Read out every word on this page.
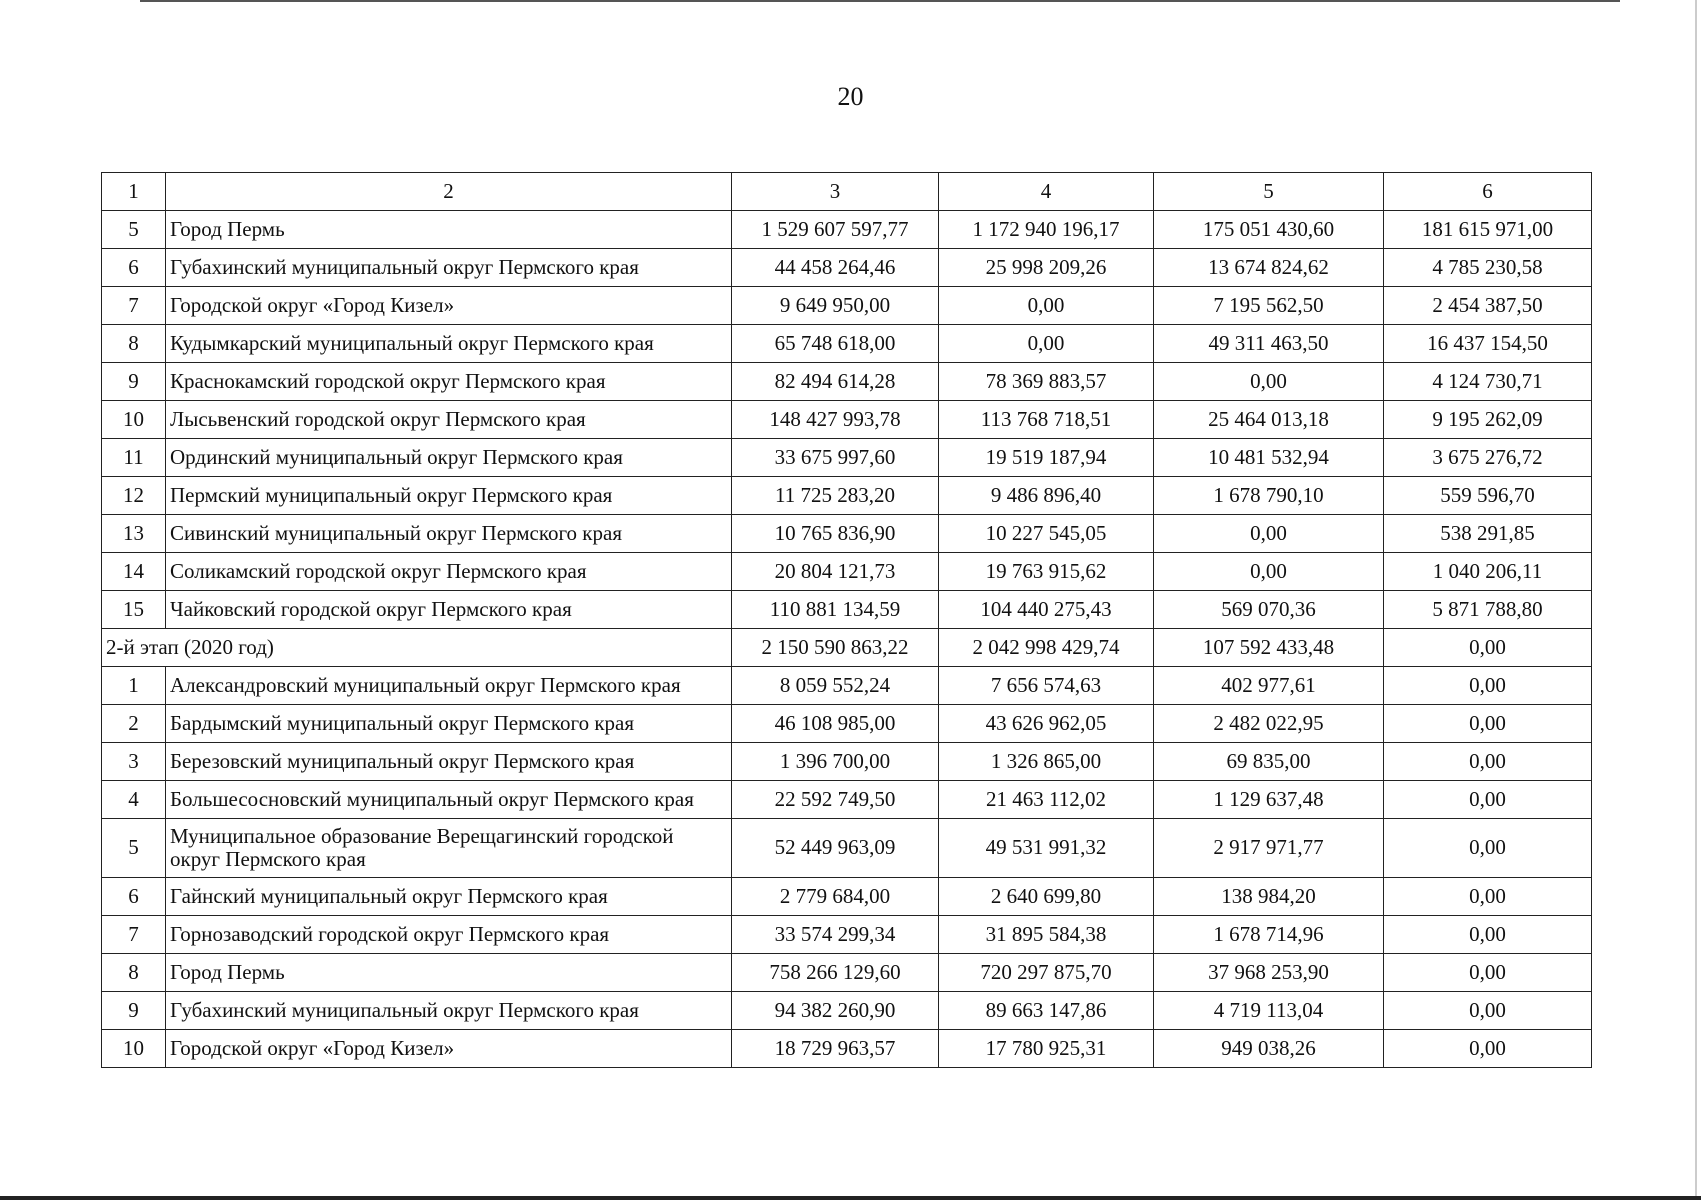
20
1	2	3	4	5	6
5	Город Пермь	1 529 607 597,77	1 172 940 196,17	175 051 430,60	181 615 971,00
6	Губахинский муниципальный округ Пермского края	44 458 264,46	25 998 209,26	13 674 824,62	4 785 230,58
7	Городской округ «Город Кизел»	9 649 950,00	0,00	7 195 562,50	2 454 387,50
8	Кудымкарский муниципальный округ Пермского края	65 748 618,00	0,00	49 311 463,50	16 437 154,50
9	Краснокамский городской округ Пермского края	82 494 614,28	78 369 883,57	0,00	4 124 730,71
10	Лысьвенский городской округ Пермского края	148 427 993,78	113 768 718,51	25 464 013,18	9 195 262,09
11	Ординский муниципальный округ Пермского края	33 675 997,60	19 519 187,94	10 481 532,94	3 675 276,72
12	Пермский муниципальный округ Пермского края	11 725 283,20	9 486 896,40	1 678 790,10	559 596,70
13	Сивинский муниципальный округ Пермского края	10 765 836,90	10 227 545,05	0,00	538 291,85
14	Соликамский городской округ Пермского края	20 804 121,73	19 763 915,62	0,00	1 040 206,11
15	Чайковский городской округ Пермского края	110 881 134,59	104 440 275,43	569 070,36	5 871 788,80
2-й этап (2020 год)		2 150 590 863,22	2 042 998 429,74	107 592 433,48	0,00
1	Александровский муниципальный округ Пермского края	8 059 552,24	7 656 574,63	402 977,61	0,00
2	Бардымский муниципальный округ Пермского края	46 108 985,00	43 626 962,05	2 482 022,95	0,00
3	Березовский муниципальный округ Пермского края	1 396 700,00	1 326 865,00	69 835,00	0,00
4	Большесосновский муниципальный округ Пермского края	22 592 749,50	21 463 112,02	1 129 637,48	0,00
5	Муниципальное образование Верещагинский городской округ Пермского края	52 449 963,09	49 531 991,32	2 917 971,77	0,00
6	Гайнский муниципальный округ Пермского края	2 779 684,00	2 640 699,80	138 984,20	0,00
7	Горнозаводский городской округ Пермского края	33 574 299,34	31 895 584,38	1 678 714,96	0,00
8	Город Пермь	758 266 129,60	720 297 875,70	37 968 253,90	0,00
9	Губахинский муниципальный округ Пермского края	94 382 260,90	89 663 147,86	4 719 113,04	0,00
10	Городской округ «Город Кизел»	18 729 963,57	17 780 925,31	949 038,26	0,00
